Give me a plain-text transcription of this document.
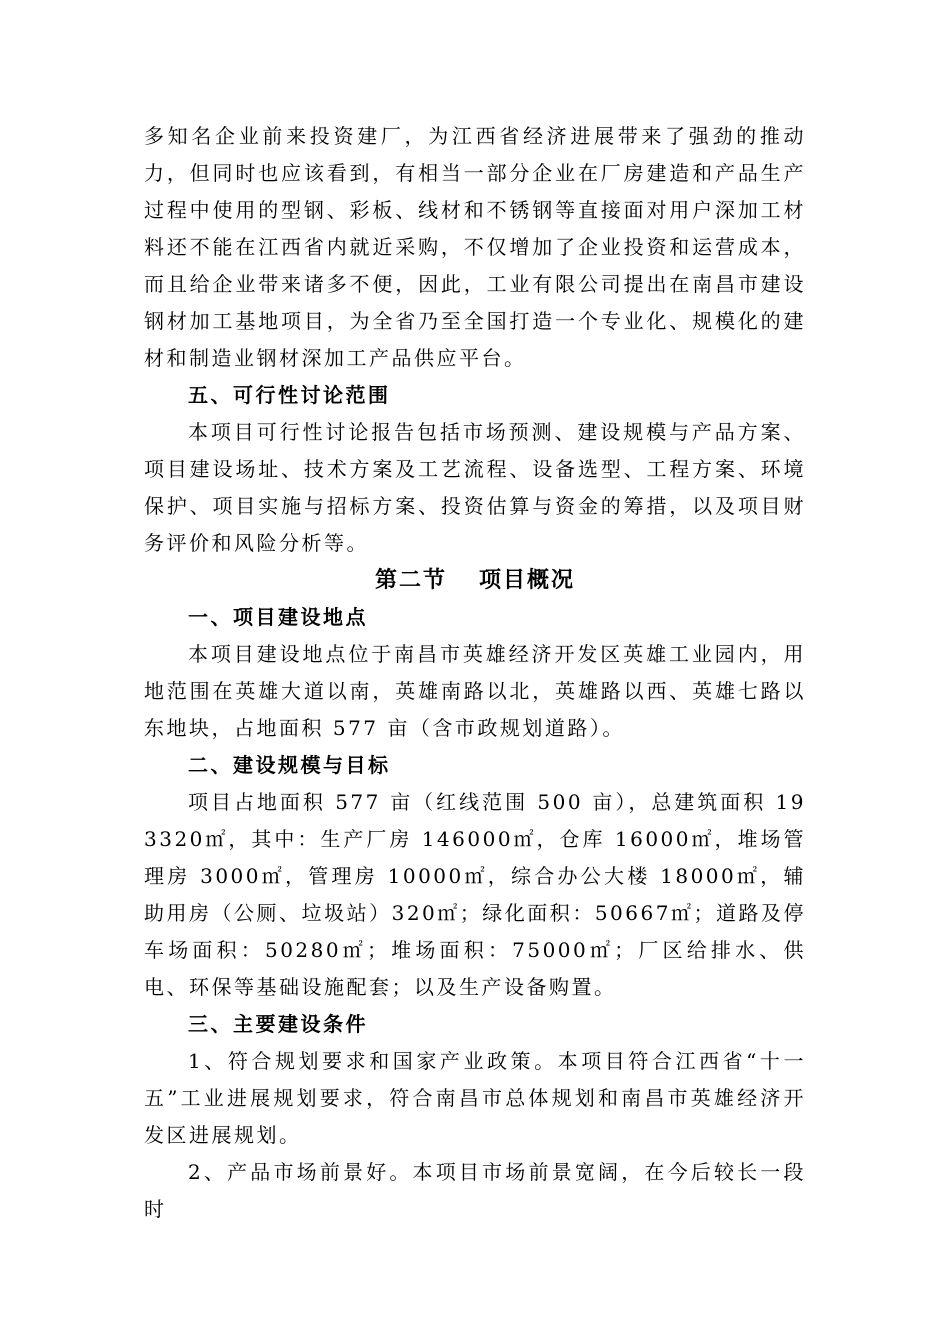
多知名企业前来投资建厂，为江西省经济进展带来了强劲的推动力，但同时也应该看到，有相当一部分企业在厂房建造和产品生产过程中使用的型钢、彩板、线材和不锈钢等直接面对用户深加工材料还不能在江西省内就近采购，不仅增加了企业投资和运营成本，而且给企业带来诸多不便，因此，工业有限公司提出在南昌市建设钢材加工基地项目，为全省乃至全国打造一个专业化、规模化的建材和制造业钢材深加工产品供应平台。

五、可行性讨论范围

本项目可行性讨论报告包括市场预测、建设规模与产品方案、项目建设场址、技术方案及工艺流程、设备选型、工程方案、环境保护、项目实施与招标方案、投资估算与资金的筹措，以及项目财务评价和风险分析等。

第二节 项目概况

一、项目建设地点

本项目建设地点位于南昌市英雄经济开发区英雄工业园内，用地范围在英雄大道以南，英雄南路以北，英雄路以西、英雄七路以东地块，占地面积 577 亩（含市政规划道路）。

二、建设规模与目标

项目占地面积 577 亩（红线范围 500 亩），总建筑面积 193320㎡，其中：生产厂房 146000㎡，仓库 16000㎡，堆场管理房 3000㎡，管理房 10000㎡，综合办公大楼 18000㎡，辅助用房（公厕、垃圾站）320㎡；绿化面积：50667㎡；道路及停车场面积：50280㎡；堆场面积：75000㎡；厂区给排水、供电、环保等基础设施配套；以及生产设备购置。

三、主要建设条件

1、符合规划要求和国家产业政策。本项目符合江西省“十一五”工业进展规划要求，符合南昌市总体规划和南昌市英雄经济开发区进展规划。

2、产品市场前景好。本项目市场前景宽阔，在今后较长一段时
